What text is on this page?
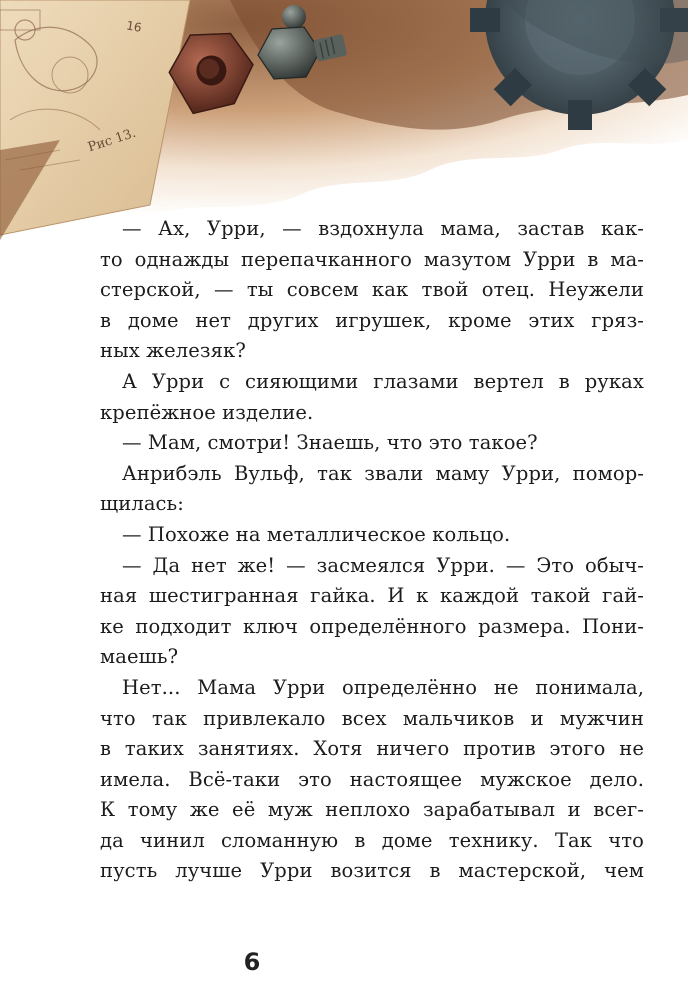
16
Рис 13.
— Ах, Урри, — вздохнула мама, застав как-
то однажды перепачканного мазутом Урри в ма-
стерской, — ты совсем как твой отец. Неужели
в доме нет других игрушек, кроме этих гряз-
ных железяк?
А Урри с сияющими глазами вертел в руках
крепёжное изделие.
— Мам, смотри! Знаешь, что это такое?
Анрибэль Вульф, так звали маму Урри, помор-
щилась:
— Похоже на металлическое кольцо.
— Да нет же! — засмеялся Урри. — Это обыч-
ная шестигранная гайка. И к каждой такой гай-
ке подходит ключ определённого размера. Пони-
маешь?
Нет... Мама Урри определённо не понимала,
что так привлекало всех мальчиков и мужчин
в таких занятиях. Хотя ничего против этого не
имела. Всё-таки это настоящее мужское дело.
К тому же её муж неплохо зарабатывал и всег-
да чинил сломанную в доме технику. Так что
пусть лучше Урри возится в мастерской, чем
6
